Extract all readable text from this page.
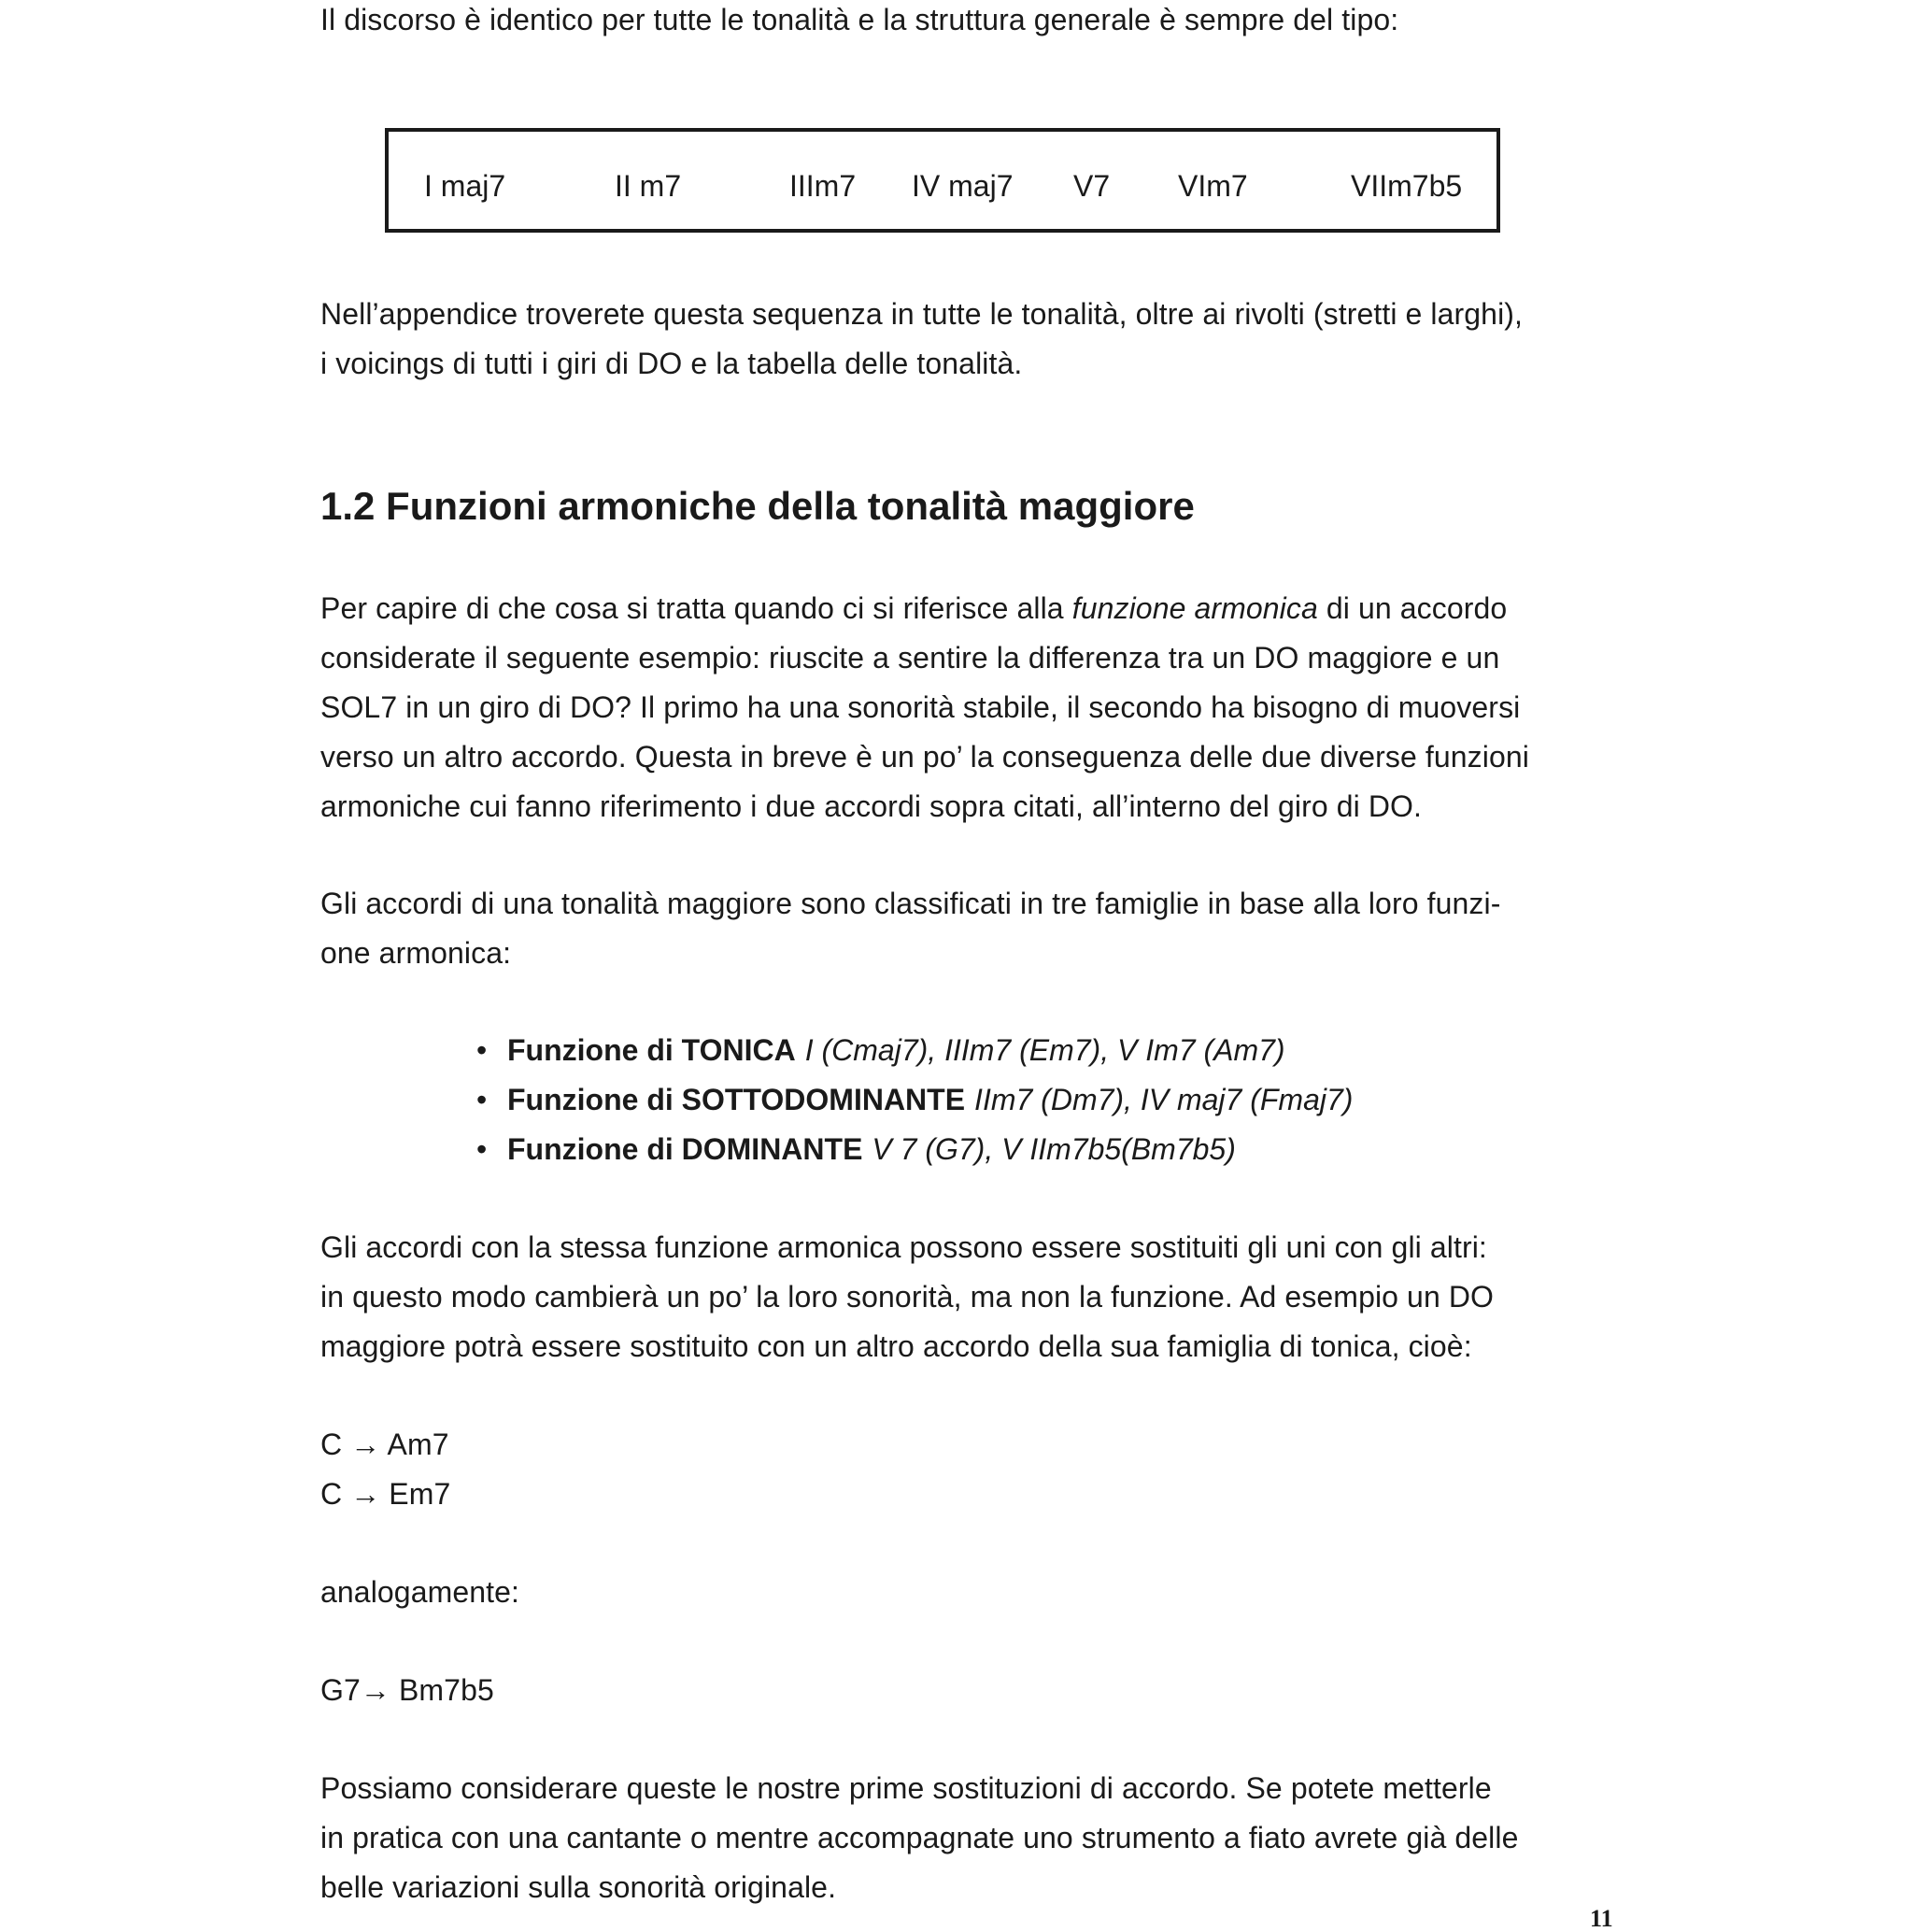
Il discorso è identico per tutte le tonalità e la struttura generale è sempre del tipo:
I maj7	II m7	IIIm7 IV maj7 V7 VIm7	VIIm7b5
Nell’appendice troverete questa sequenza in tutte le tonalità, oltre ai rivolti (stretti e larghi),
i voicings di tutti i giri di DO e la tabella delle tonalità.
1.2 Funzioni armoniche della tonalità maggiore
Per capire di che cosa si tratta quando ci si riferisce alla funzione armonica di un accordo
considerate il seguente esempio: riuscite a sentire la differenza tra un DO maggiore e un
SOL7 in un giro di DO? Il primo ha una sonorità stabile, il secondo ha bisogno di muoversi
verso un altro accordo. Questa in breve è un po’ la conseguenza delle due diverse funzioni
armoniche cui fanno riferimento i due accordi sopra citati, all’interno del giro di DO.
Gli accordi di una tonalità maggiore sono classificati in tre famiglie in base alla loro funzi-
one armonica:
• Funzione di TONICA I (Cmaj7), IIIm7 (Em7), V Im7 (Am7)
• Funzione di SOTTODOMINANTE IIm7 (Dm7), IV maj7 (Fmaj7)
• Funzione di DOMINANTE V 7 (G7), V IIm7b5(Bm7b5)
Gli accordi con la stessa funzione armonica possono essere sostituiti gli uni con gli altri:
in questo modo cambierà un po’ la loro sonorità, ma non la funzione. Ad esempio un DO
maggiore potrà essere sostituito con un altro accordo della sua famiglia di tonica, cioè:
C → Am7
C → Em7
analogamente:
G7→ Bm7b5
Possiamo considerare queste le nostre prime sostituzioni di accordo. Se potete metterle
in pratica con una cantante o mentre accompagnate uno strumento a fiato avrete già delle
belle variazioni sulla sonorità originale.
11
